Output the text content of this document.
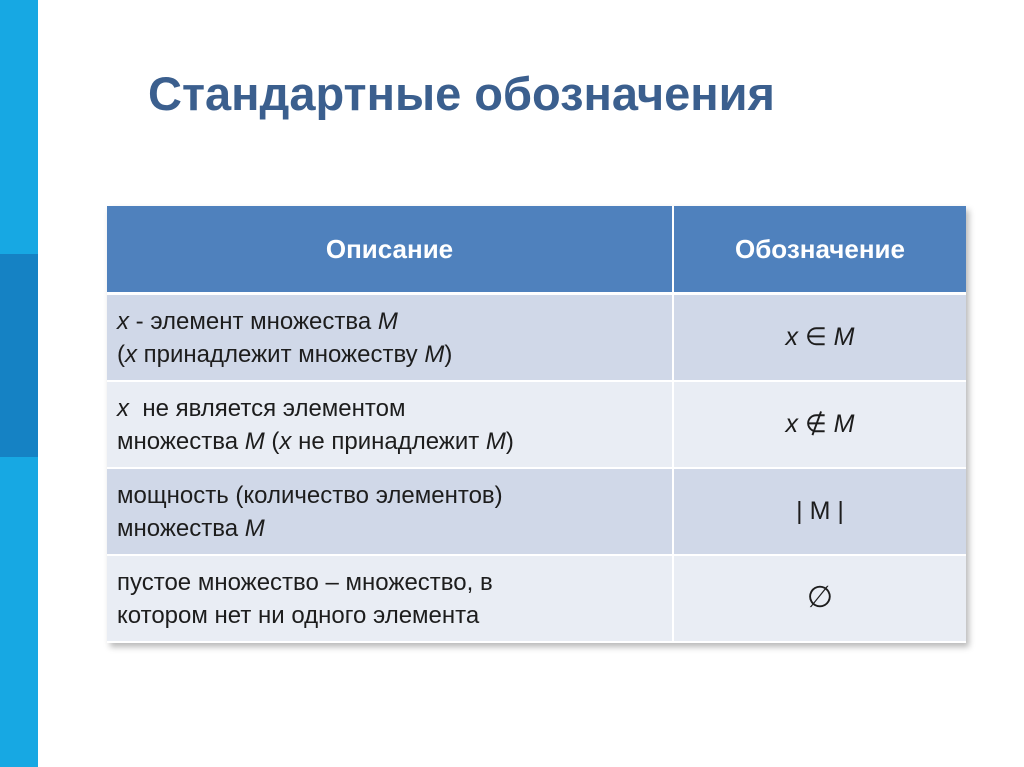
Стандартные обозначения
Описание	Обозначение

x - элемент множества M
(x принадлежит множеству M)	x ∈ M

x  не является элементом
множества M (x не принадлежит M)	x ∉ M

мощность (количество элементов)
множества M	| M |

пустое множество – множество, в
котором нет ни одного элемента	∅
